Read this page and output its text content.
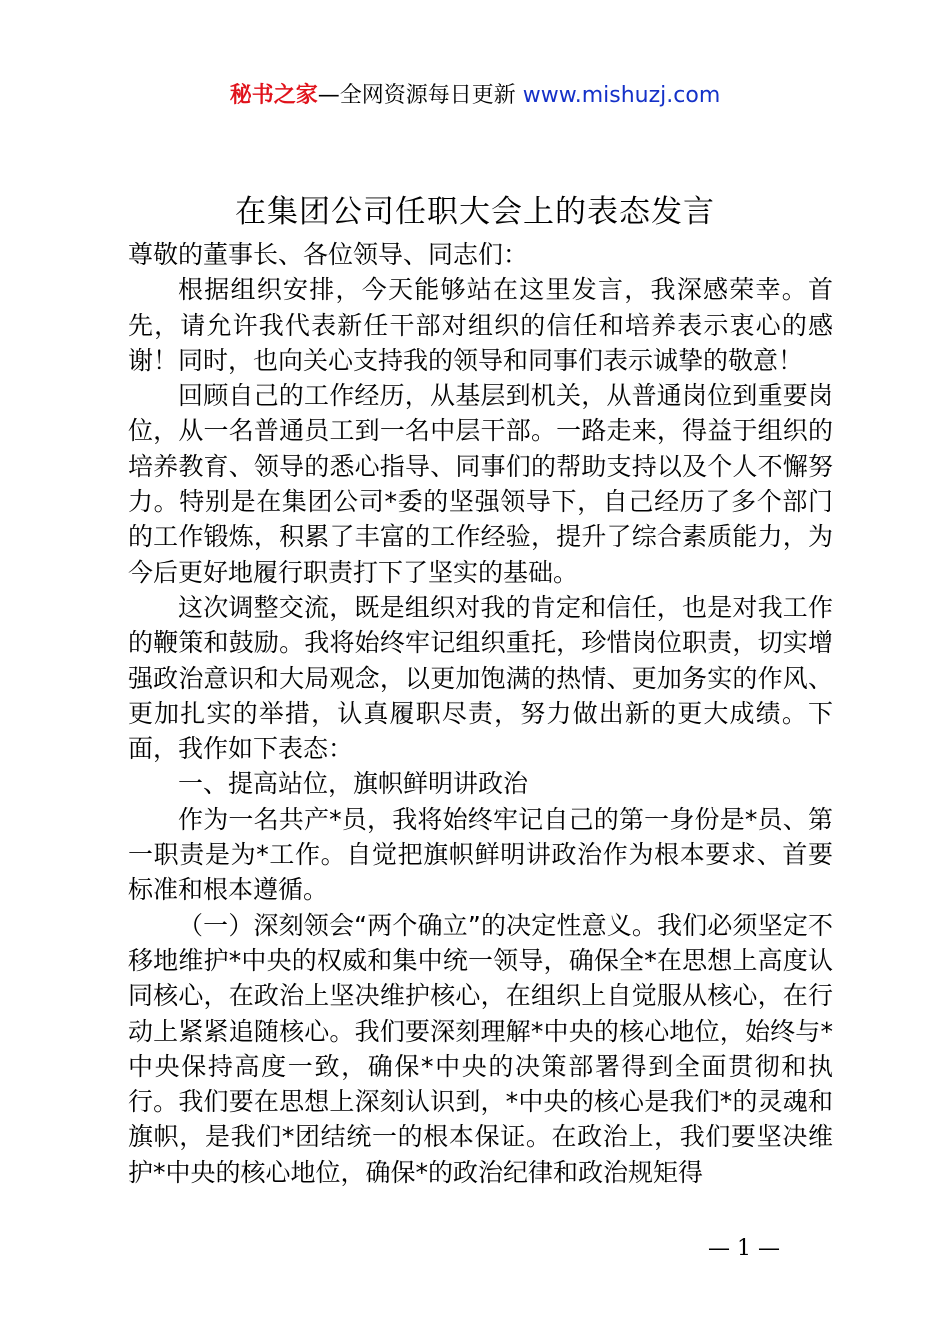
秘书之家—全网资源每日更新 www.mishuzj.com
在集团公司任职大会上的表态发言

尊敬的董事长、各位领导、同志们：

根据组织安排，今天能够站在这里发言，我深感荣幸。首先，请允许我代表新任干部对组织的信任和培养表示衷心的感谢！同时，也向关心支持我的领导和同事们表示诚挚的敬意！

回顾自己的工作经历，从基层到机关，从普通岗位到重要岗位，从一名普通员工到一名中层干部。一路走来，得益于组织的培养教育、领导的悉心指导、同事们的帮助支持以及个人不懈努力。特别是在集团公司*委的坚强领导下，自己经历了多个部门的工作锻炼，积累了丰富的工作经验，提升了综合素质能力，为今后更好地履行职责打下了坚实的基础。

这次调整交流，既是组织对我的肯定和信任，也是对我工作的鞭策和鼓励。我将始终牢记组织重托，珍惜岗位职责，切实增强政治意识和大局观念，以更加饱满的热情、更加务实的作风、更加扎实的举措，认真履职尽责，努力做出新的更大成绩。下面，我作如下表态：

一、提高站位，旗帜鲜明讲政治

作为一名共产*员，我将始终牢记自己的第一身份是*员、第一职责是为*工作。自觉把旗帜鲜明讲政治作为根本要求、首要标准和根本遵循。

（一）深刻领会“两个确立”的决定性意义。我们必须坚定不移地维护*中央的权威和集中统一领导，确保全*在思想上高度认同核心，在政治上坚决维护核心，在组织上自觉服从核心，在行动上紧紧追随核心。我们要深刻理解*中央的核心地位，始终与*中央保持高度一致，确保*中央的决策部署得到全面贯彻和执行。我们要在思想上深刻认识到，*中央的核心是我们*的灵魂和旗帜，是我们*团结统一的根本保证。在政治上，我们要坚决维护*中央的核心地位，确保*的政治纪律和政治规矩得

— 1 —
